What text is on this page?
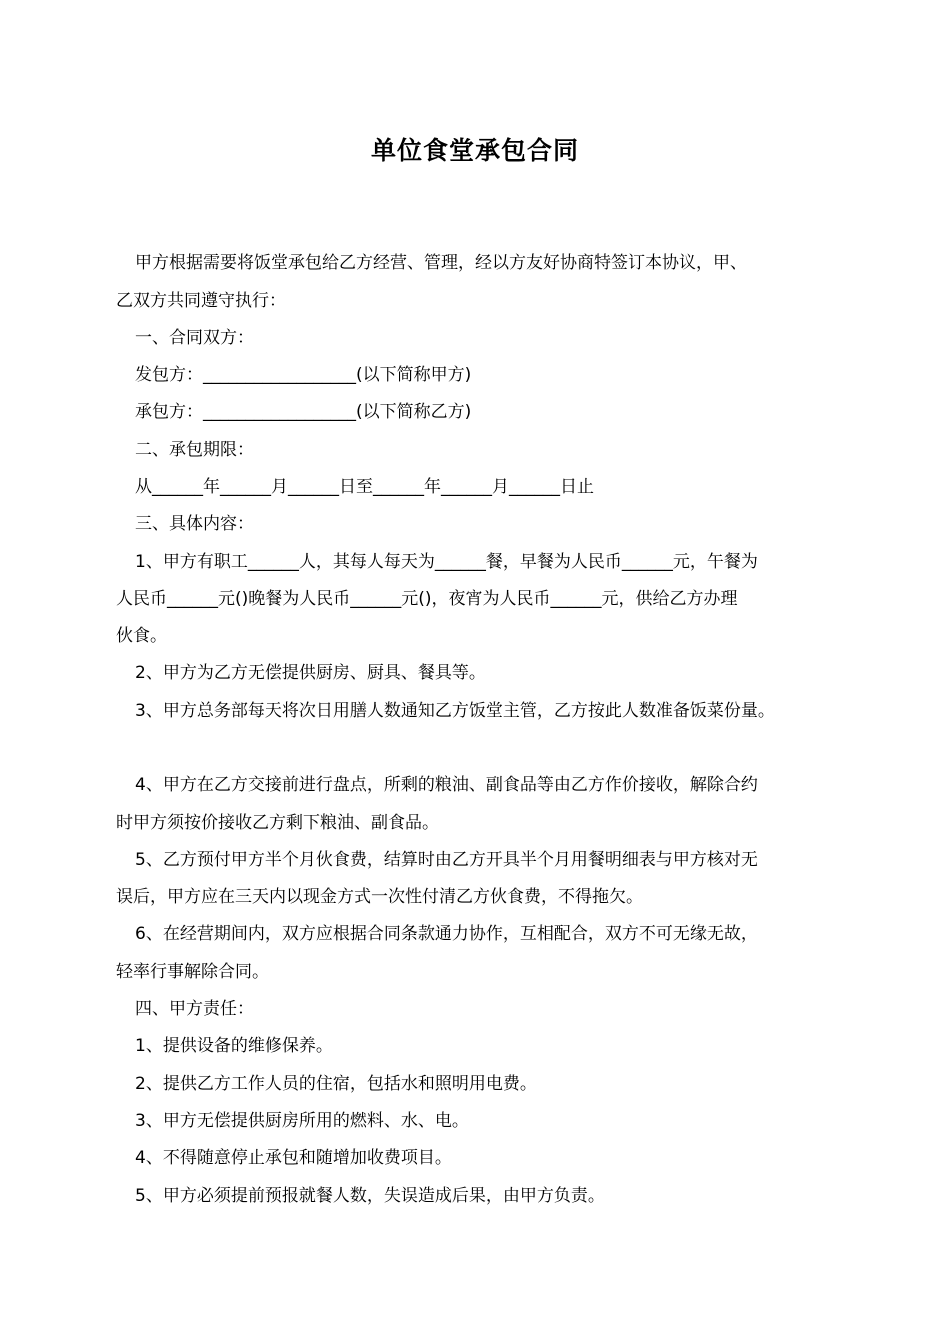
单位食堂承包合同

甲方根据需要将饭堂承包给乙方经营、管理，经以方友好协商特签订本协议，甲、

乙双方共同遵守执行：

一、合同双方：

发包方：__________________(以下简称甲方)

承包方：__________________(以下简称乙方)

二、承包期限：

从______年______月______日至______年______月______日止

三、具体内容：

1、甲方有职工______人，其每人每天为______餐，早餐为人民币______元，午餐为

人民币______元()晚餐为人民币______元()，夜宵为人民币______元，供给乙方办理

伙食。

2、甲方为乙方无偿提供厨房、厨具、餐具等。

3、甲方总务部每天将次日用膳人数通知乙方饭堂主管，乙方按此人数准备饭菜份量。

4、甲方在乙方交接前进行盘点，所剩的粮油、副食品等由乙方作价接收，解除合约

时甲方须按价接收乙方剩下粮油、副食品。

5、乙方预付甲方半个月伙食费，结算时由乙方开具半个月用餐明细表与甲方核对无

误后，甲方应在三天内以现金方式一次性付清乙方伙食费，不得拖欠。

6、在经营期间内，双方应根据合同条款通力协作，互相配合，双方不可无缘无故，

轻率行事解除合同。

四、甲方责任：

1、提供设备的维修保养。

2、提供乙方工作人员的住宿，包括水和照明用电费。

3、甲方无偿提供厨房所用的燃料、水、电。

4、不得随意停止承包和随增加收费项目。

5、甲方必须提前预报就餐人数，失误造成后果，由甲方负责。
